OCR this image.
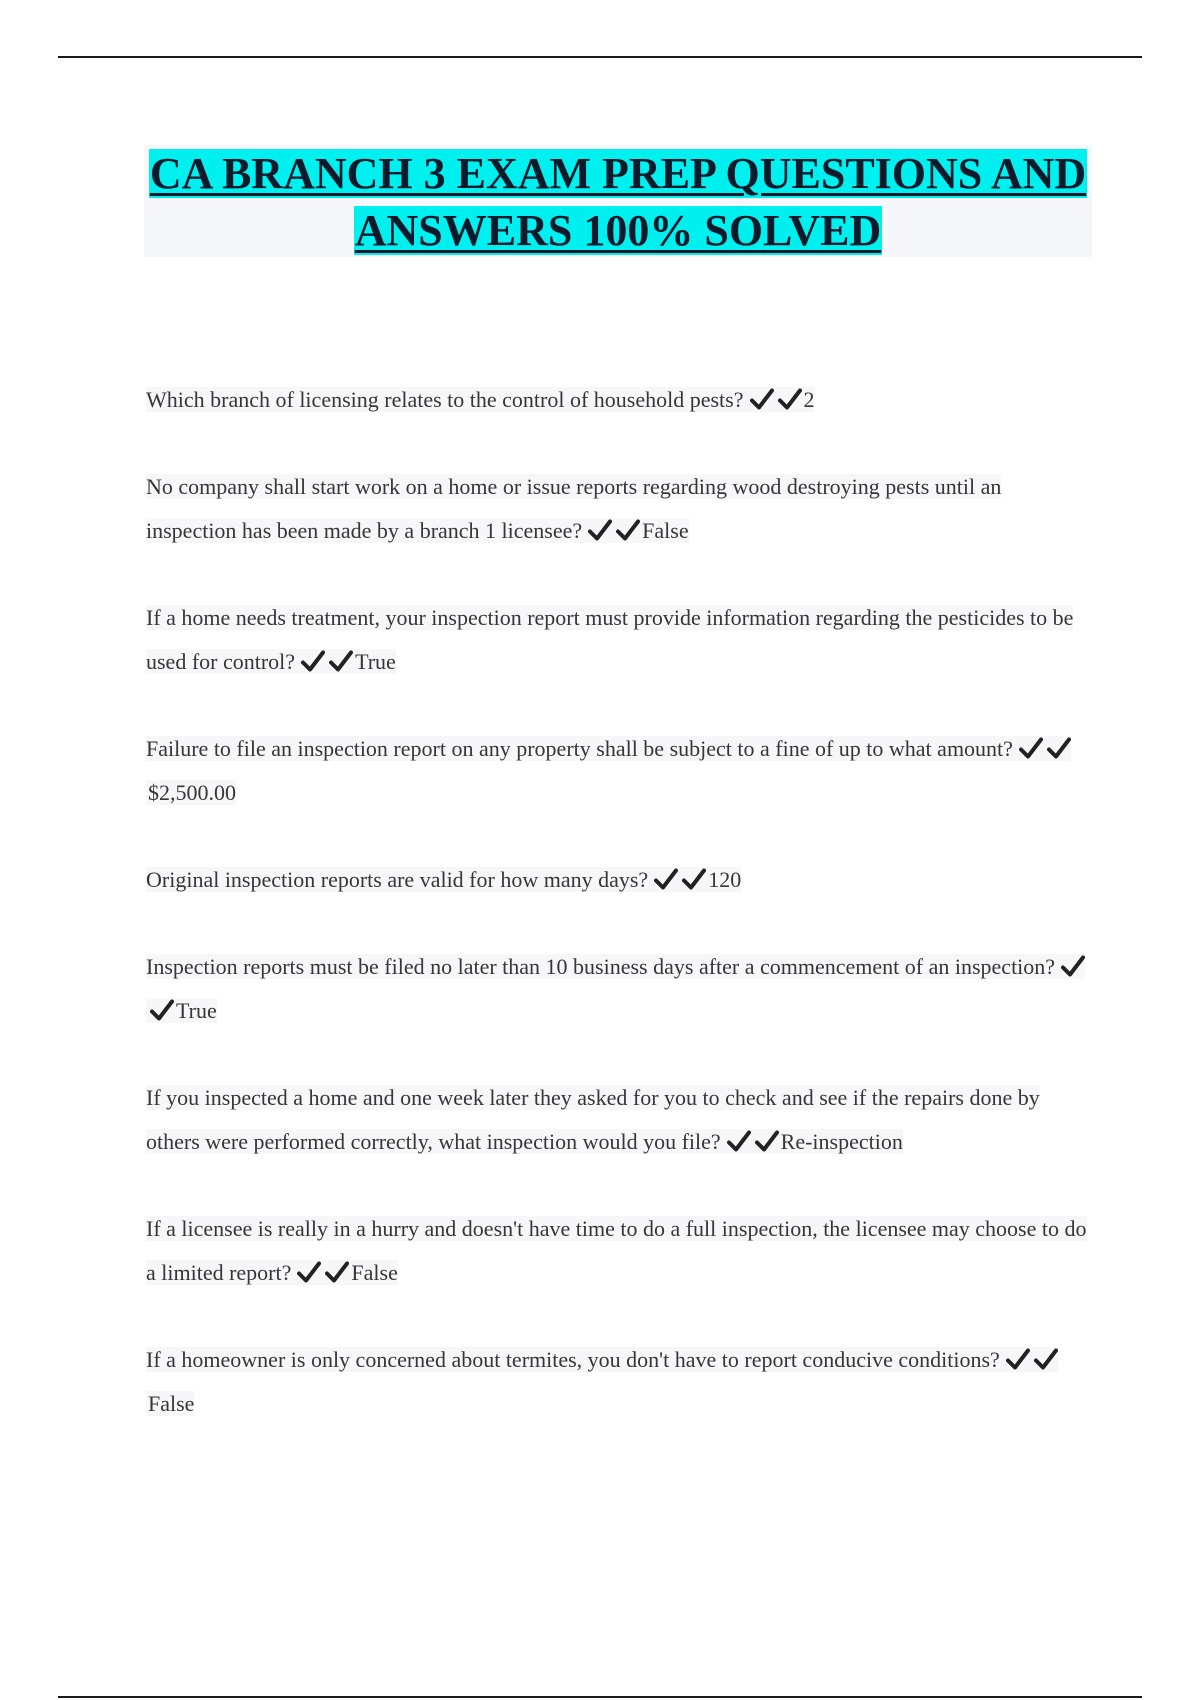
CA BRANCH 3 EXAM PREP QUESTIONS AND ANSWERS 100% SOLVED

Which branch of licensing relates to the control of household pests?	2

No company shall start work on a home or issue reports regarding wood destroying pests until an inspection has been made by a branch 1 licensee?	False

If a home needs treatment, your inspection report must provide information regarding the pesticides to be used for control?	True

Failure to file an inspection report on any property shall be subject to a fine of up to what amount?$2,500.00

Original inspection reports are valid for how many days?	120

Inspection reports must be filed no later than 10 business days after a commencement of an inspection?True

If you inspected a home and one week later they asked for you to check and see if the repairs done by others were performed correctly, what inspection would you file?	Re-inspection

If a licensee is really in a hurry and doesn't have time to do a full inspection, the licensee may choose to do a limited report?	False

If a homeowner is only concerned about termites, you don't have to report conducive conditions?False
